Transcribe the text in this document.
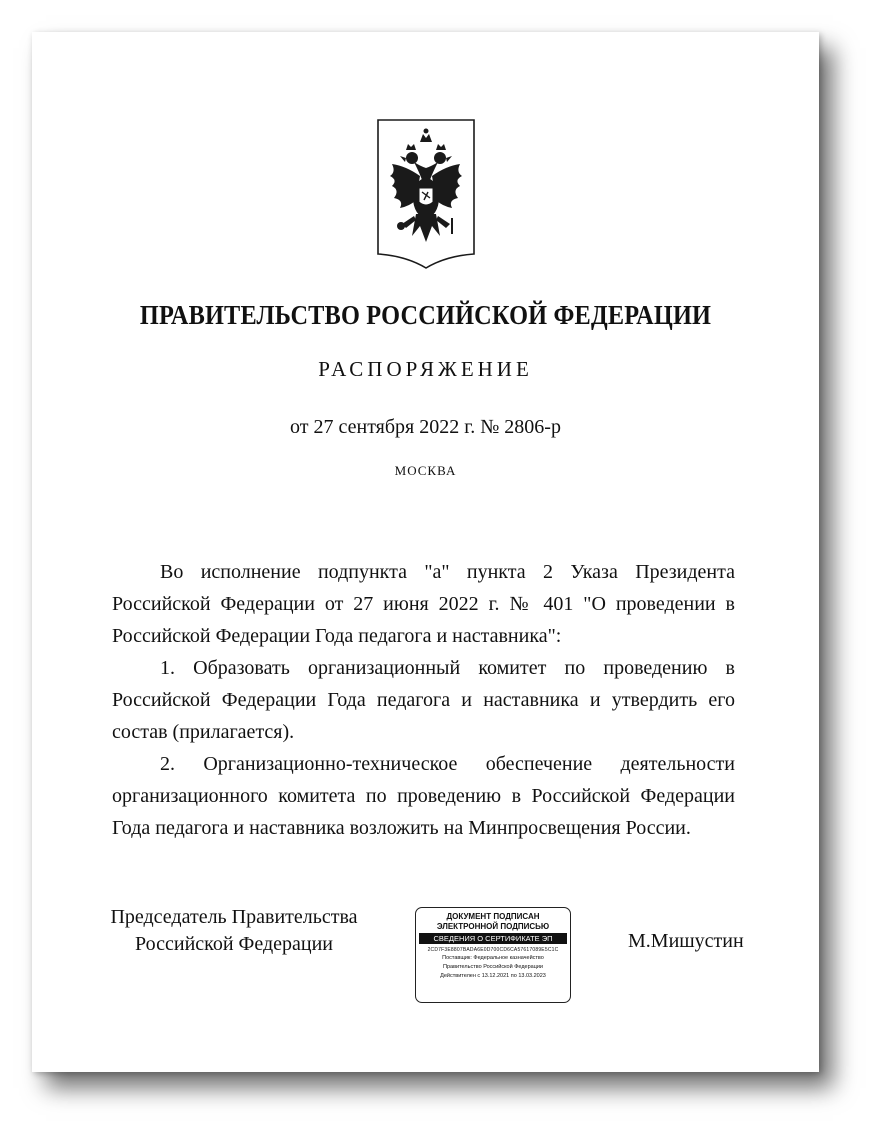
ПРАВИТЕЛЬСТВО РОССИЙСКОЙ ФЕДЕРАЦИИ
РАСПОРЯЖЕНИЕ
от 27 сентября 2022 г. № 2806-р
МОСКВА

Во исполнение подпункта "а" пункта 2 Указа Президента Российской Федерации от 27 июня 2022 г. № 401 "О проведении в Российской Федерации Года педагога и наставника":

1. Образовать организационный комитет по проведению в Российской Федерации Года педагога и наставника и утвердить его состав (прилагается).

2. Организационно-техническое обеспечение деятельности организационного комитета по проведению в Российской Федерации Года педагога и наставника возложить на Минпросвещения России.

Председатель Правительства
Российской Федерации
ДОКУМЕНТ ПОДПИСАН
ЭЛЕКТРОННОЙ ПОДПИСЬЮ
СВЕДЕНИЯ О СЕРТИФИКАТЕ ЭП
2CD7F3E8807BADA6E0D700CD6CA57617089E5C1C
Поставщик: Федеральное казначейство
Правительство Российской Федерации
Действителен с 13.12.2021 по 13.03.2023
М.Мишустин
